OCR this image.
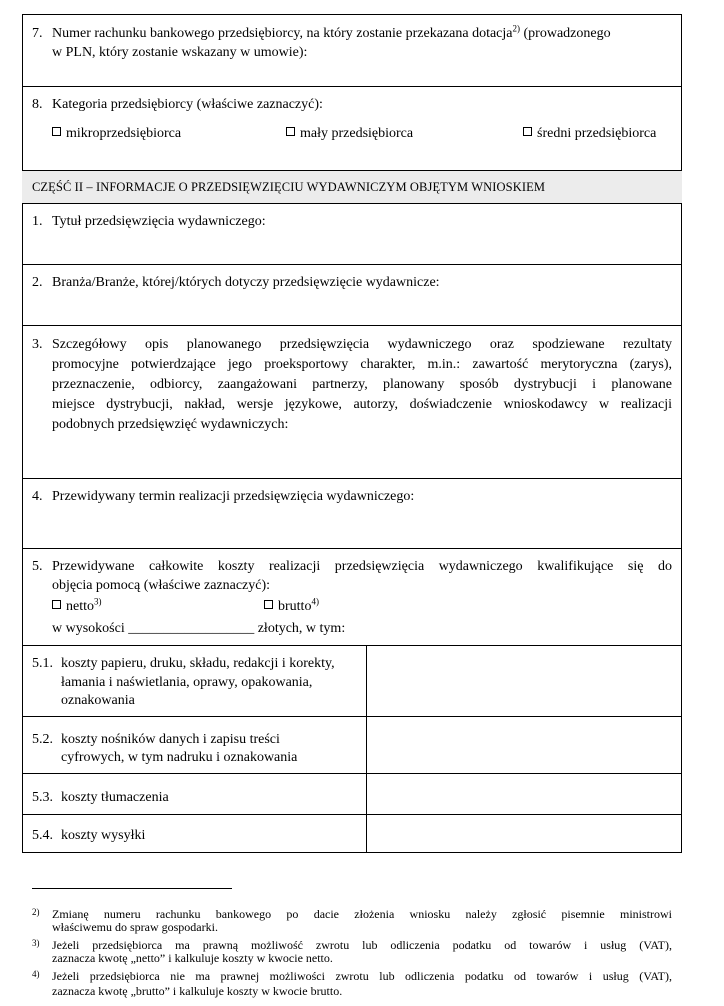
7. Numer rachunku bankowego przedsiębiorcy, na który zostanie przekazana dotacja$^{2)}$ (prowadzonego
w PLN, który zostanie wskazany w umowie):
8. Kategoria przedsiębiorcy (właściwe zaznaczyć):
mikroprzedsiębiorca	mały przedsiębiorca	średni przedsiębiorca
CZĘŚĆ II – INFORMACJE O PRZEDSIĘWZIĘCIU WYDAWNICZYM OBJĘTYM WNIOSKIEM
1. Tytuł przedsięwzięcia wydawniczego:
2. Branża/Branże, której/których dotyczy przedsięwzięcie wydawnicze:
3. Szczegółowy opis planowanego przedsięwzięcia wydawniczego oraz spodziewane rezultaty
promocyjne potwierdzające jego proeksportowy charakter, m.in.: zawartość merytoryczna (zarys),
przeznaczenie, odbiorcy, zaangażowani partnerzy, planowany sposób dystrybucji i planowane
miejsce dystrybucji, nakład, wersje językowe, autorzy, doświadczenie wnioskodawcy w realizacji
podobnych przedsięwzięć wydawniczych:
4. Przewidywany termin realizacji przedsięwzięcia wydawniczego:
5. Przewidywane całkowite koszty realizacji przedsięwzięcia wydawniczego kwalifikujące się do
objęcia pomocą (właściwe zaznaczyć):
netto$^{3)}$	brutto$^{4)}$
w wysokości __________________ złotych, w tym:
5.1. koszty papieru, druku, składu, redakcji i korekty,
łamania i naświetlania, oprawy, opakowania,
oznakowania
5.2. koszty nośników danych i zapisu treści
cyfrowych, w tym nadruku i oznakowania
5.3. koszty tłumaczenia
5.4. koszty wysyłki
2) Zmianę numeru rachunku bankowego po dacie złożenia wniosku należy zgłosić pisemnie ministrowi
właściwemu do spraw gospodarki.
3) Jeżeli przedsiębiorca ma prawną możliwość zwrotu lub odliczenia podatku od towarów i usług (VAT),
zaznacza kwotę „netto” i kalkuluje koszty w kwocie netto.
4) Jeżeli przedsiębiorca nie ma prawnej możliwości zwrotu lub odliczenia podatku od towarów i usług (VAT),
zaznacza kwotę „brutto” i kalkuluje koszty w kwocie brutto.
